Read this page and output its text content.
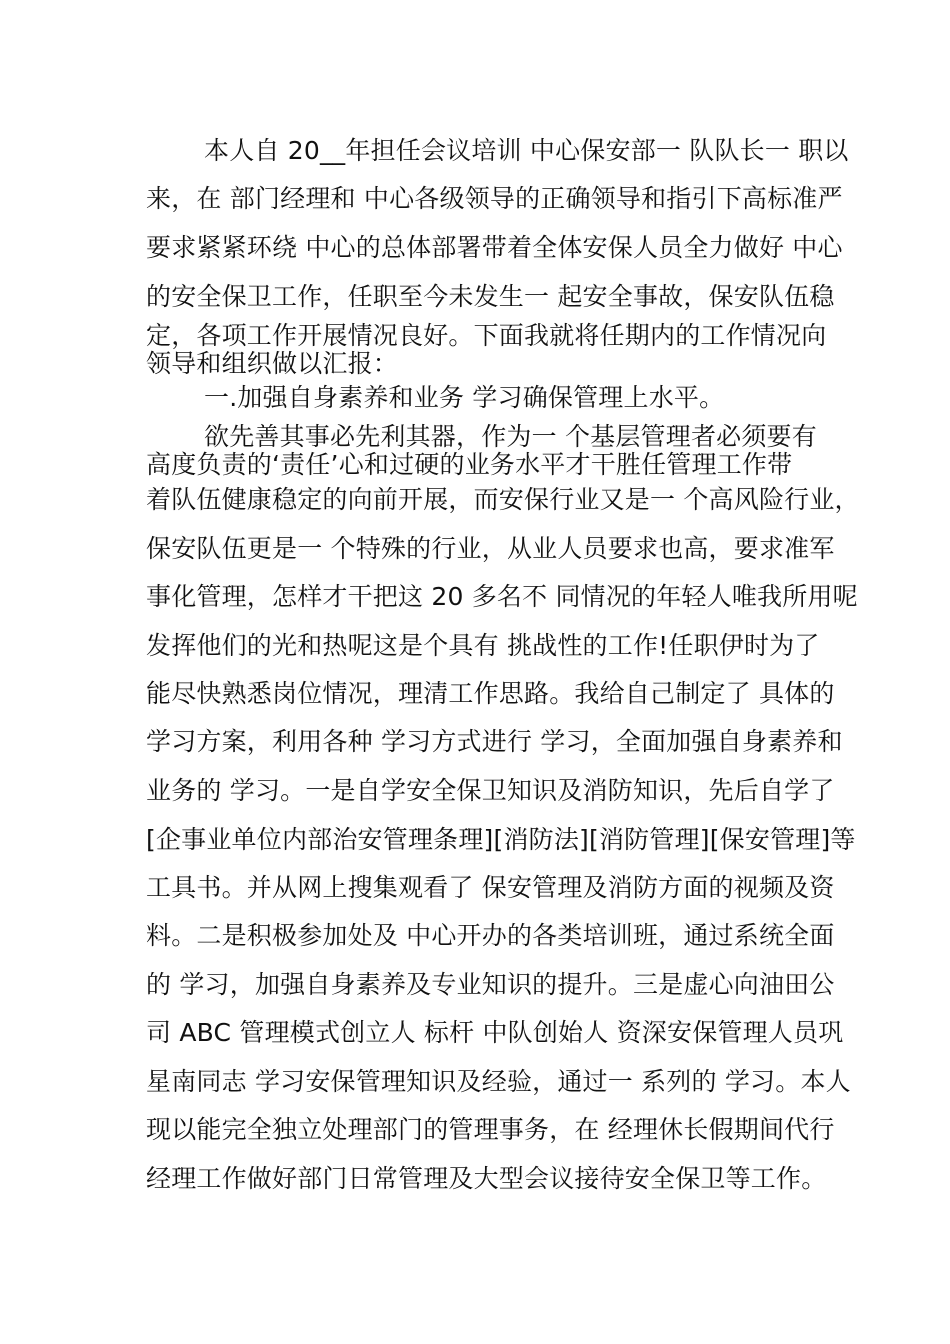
本人自 20__年担任会议培训 中心保安部一 队队长一 职以

来，在 部门经理和 中心各级领导的正确领导和指引下高标准严

要求紧紧环绕 中心的总体部署带着全体安保人员全力做好 中心

的安全保卫工作，任职至今未发生一 起安全事故，保安队伍稳

定，各项工作开展情况良好。下面我就将任期内的工作情况向

领导和组织做以汇报：

一.加强自身素养和业务 学习确保管理上水平。

欲先善其事必先利其器，作为一 个基层管理者必须要有

高度负责的‘责任’心和过硬的业务水平才干胜任管理工作带

着队伍健康稳定的向前开展，而安保行业又是一 个高风险行业，

保安队伍更是一 个特殊的行业，从业人员要求也高，要求准军

事化管理，怎样才干把这 20 多名不 同情况的年轻人唯我所用呢

发挥他们的光和热呢这是个具有 挑战性的工作!任职伊时为了

能尽快熟悉岗位情况，理清工作思路。我给自己制定了 具体的

学习方案，利用各种 学习方式进行 学习，全面加强自身素养和

业务的 学习。一是自学安全保卫知识及消防知识，先后自学了

[企事业单位内部治安管理条理][消防法][消防管理][保安管理]等

工具书。并从网上搜集观看了 保安管理及消防方面的视频及资

料。二是积极参加处及 中心开办的各类培训班，通过系统全面

的 学习，加强自身素养及专业知识的提升。三是虚心向油田公

司 ABC 管理模式创立人 标杆 中队创始人 资深安保管理人员巩

星南同志 学习安保管理知识及经验，通过一 系列的 学习。本人

现以能完全独立处理部门的管理事务，在 经理休长假期间代行

经理工作做好部门日常管理及大型会议接待安全保卫等工作。
